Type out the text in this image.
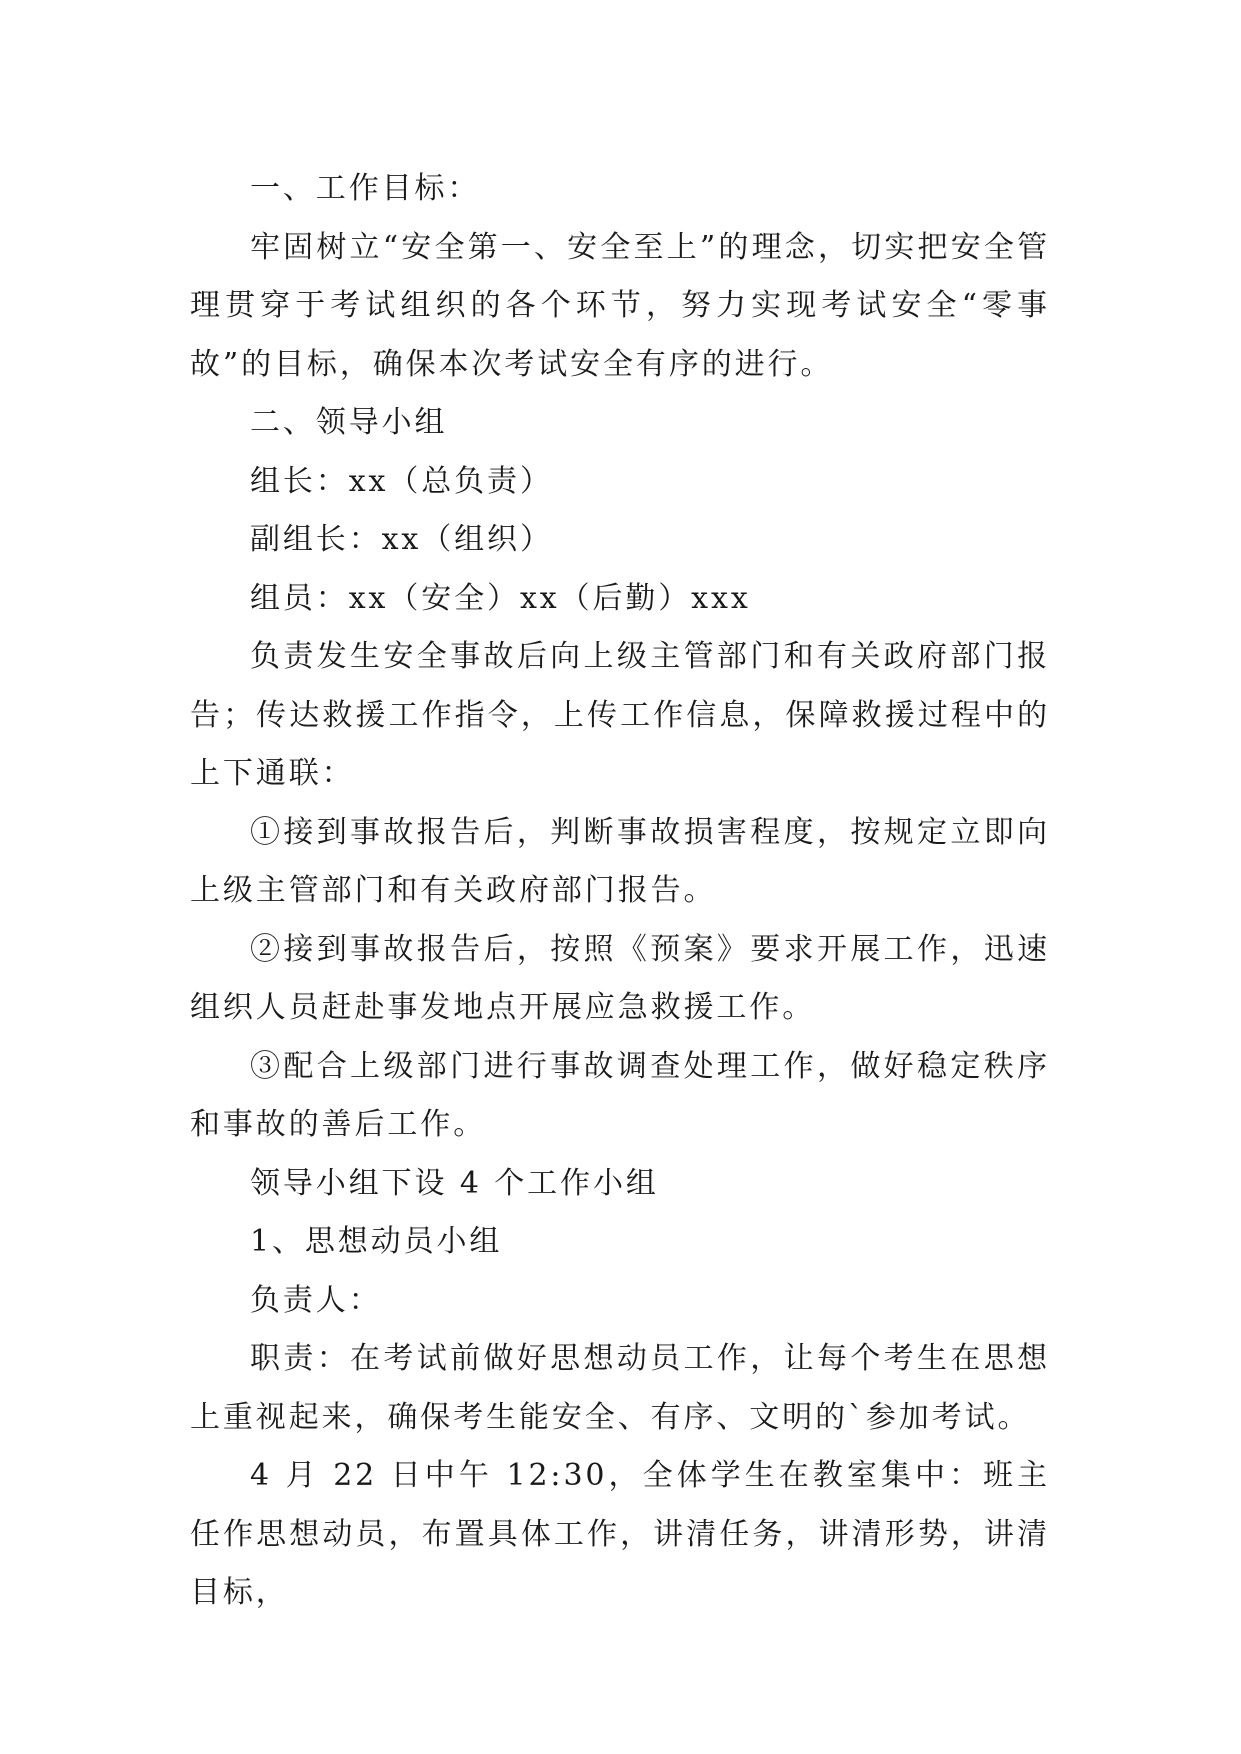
一、工作目标：

牢固树立“安全第一、安全至上”的理念，切实把安全管理贯穿于考试组织的各个环节，努力实现考试安全“零事故”的目标，确保本次考试安全有序的进行。

二、领导小组

组长：xx（总负责）

副组长：xx（组织）

组员：xx（安全）xx（后勤）xxx

负责发生安全事故后向上级主管部门和有关政府部门报告；传达救援工作指令，上传工作信息，保障救援过程中的上下通联：

①接到事故报告后，判断事故损害程度，按规定立即向上级主管部门和有关政府部门报告。

②接到事故报告后，按照《预案》要求开展工作，迅速组织人员赶赴事发地点开展应急救援工作。

③配合上级部门进行事故调查处理工作，做好稳定秩序和事故的善后工作。

领导小组下设 4 个工作小组

1、思想动员小组

负责人：

职责：在考试前做好思想动员工作，让每个考生在思想上重视起来，确保考生能安全、有序、文明的`参加考试。

4 月 22 日中午 12:30，全体学生在教室集中：班主任作思想动员，布置具体工作，讲清任务，讲清形势，讲清目标，
